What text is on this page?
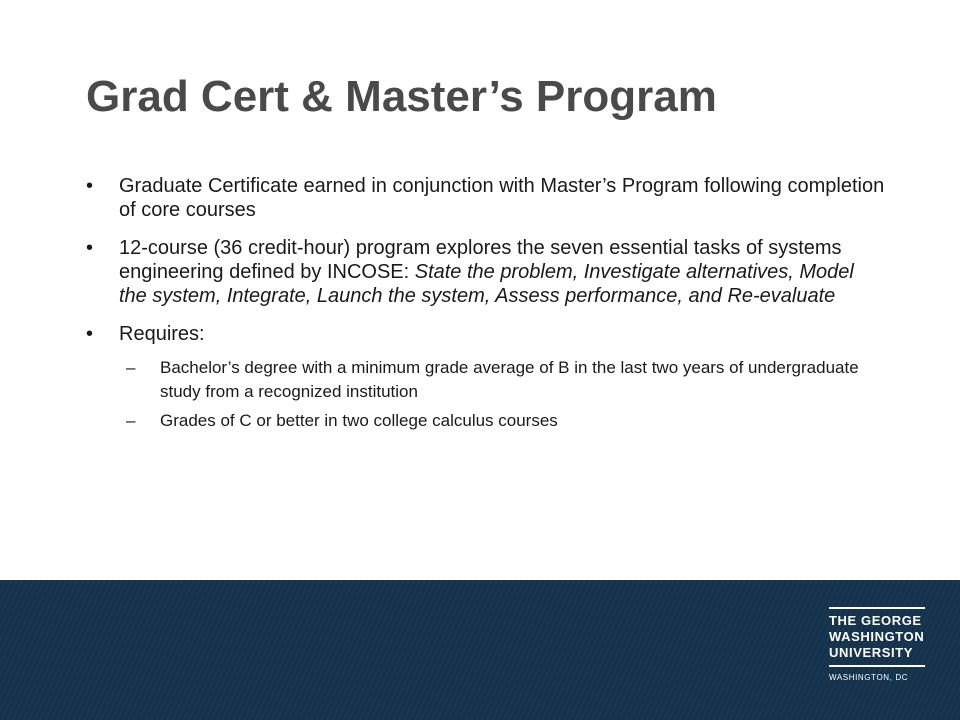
Grad Cert & Master’s Program
•	Graduate Certificate earned in conjunction with Master’s Program following completion of core courses
•	12-course (36 credit-hour) program explores the seven essential tasks of systems engineering defined by INCOSE: State the problem, Investigate alternatives, Model the system, Integrate, Launch the system, Assess performance, and Re-evaluate
•	Requires:
– Bachelor’s degree with a minimum grade average of B in the last two years of undergraduate study from a recognized institution
– Grades of C or better in two college calculus courses
THE GEORGE
WASHINGTON
UNIVERSITY
WASHINGTON, DC
